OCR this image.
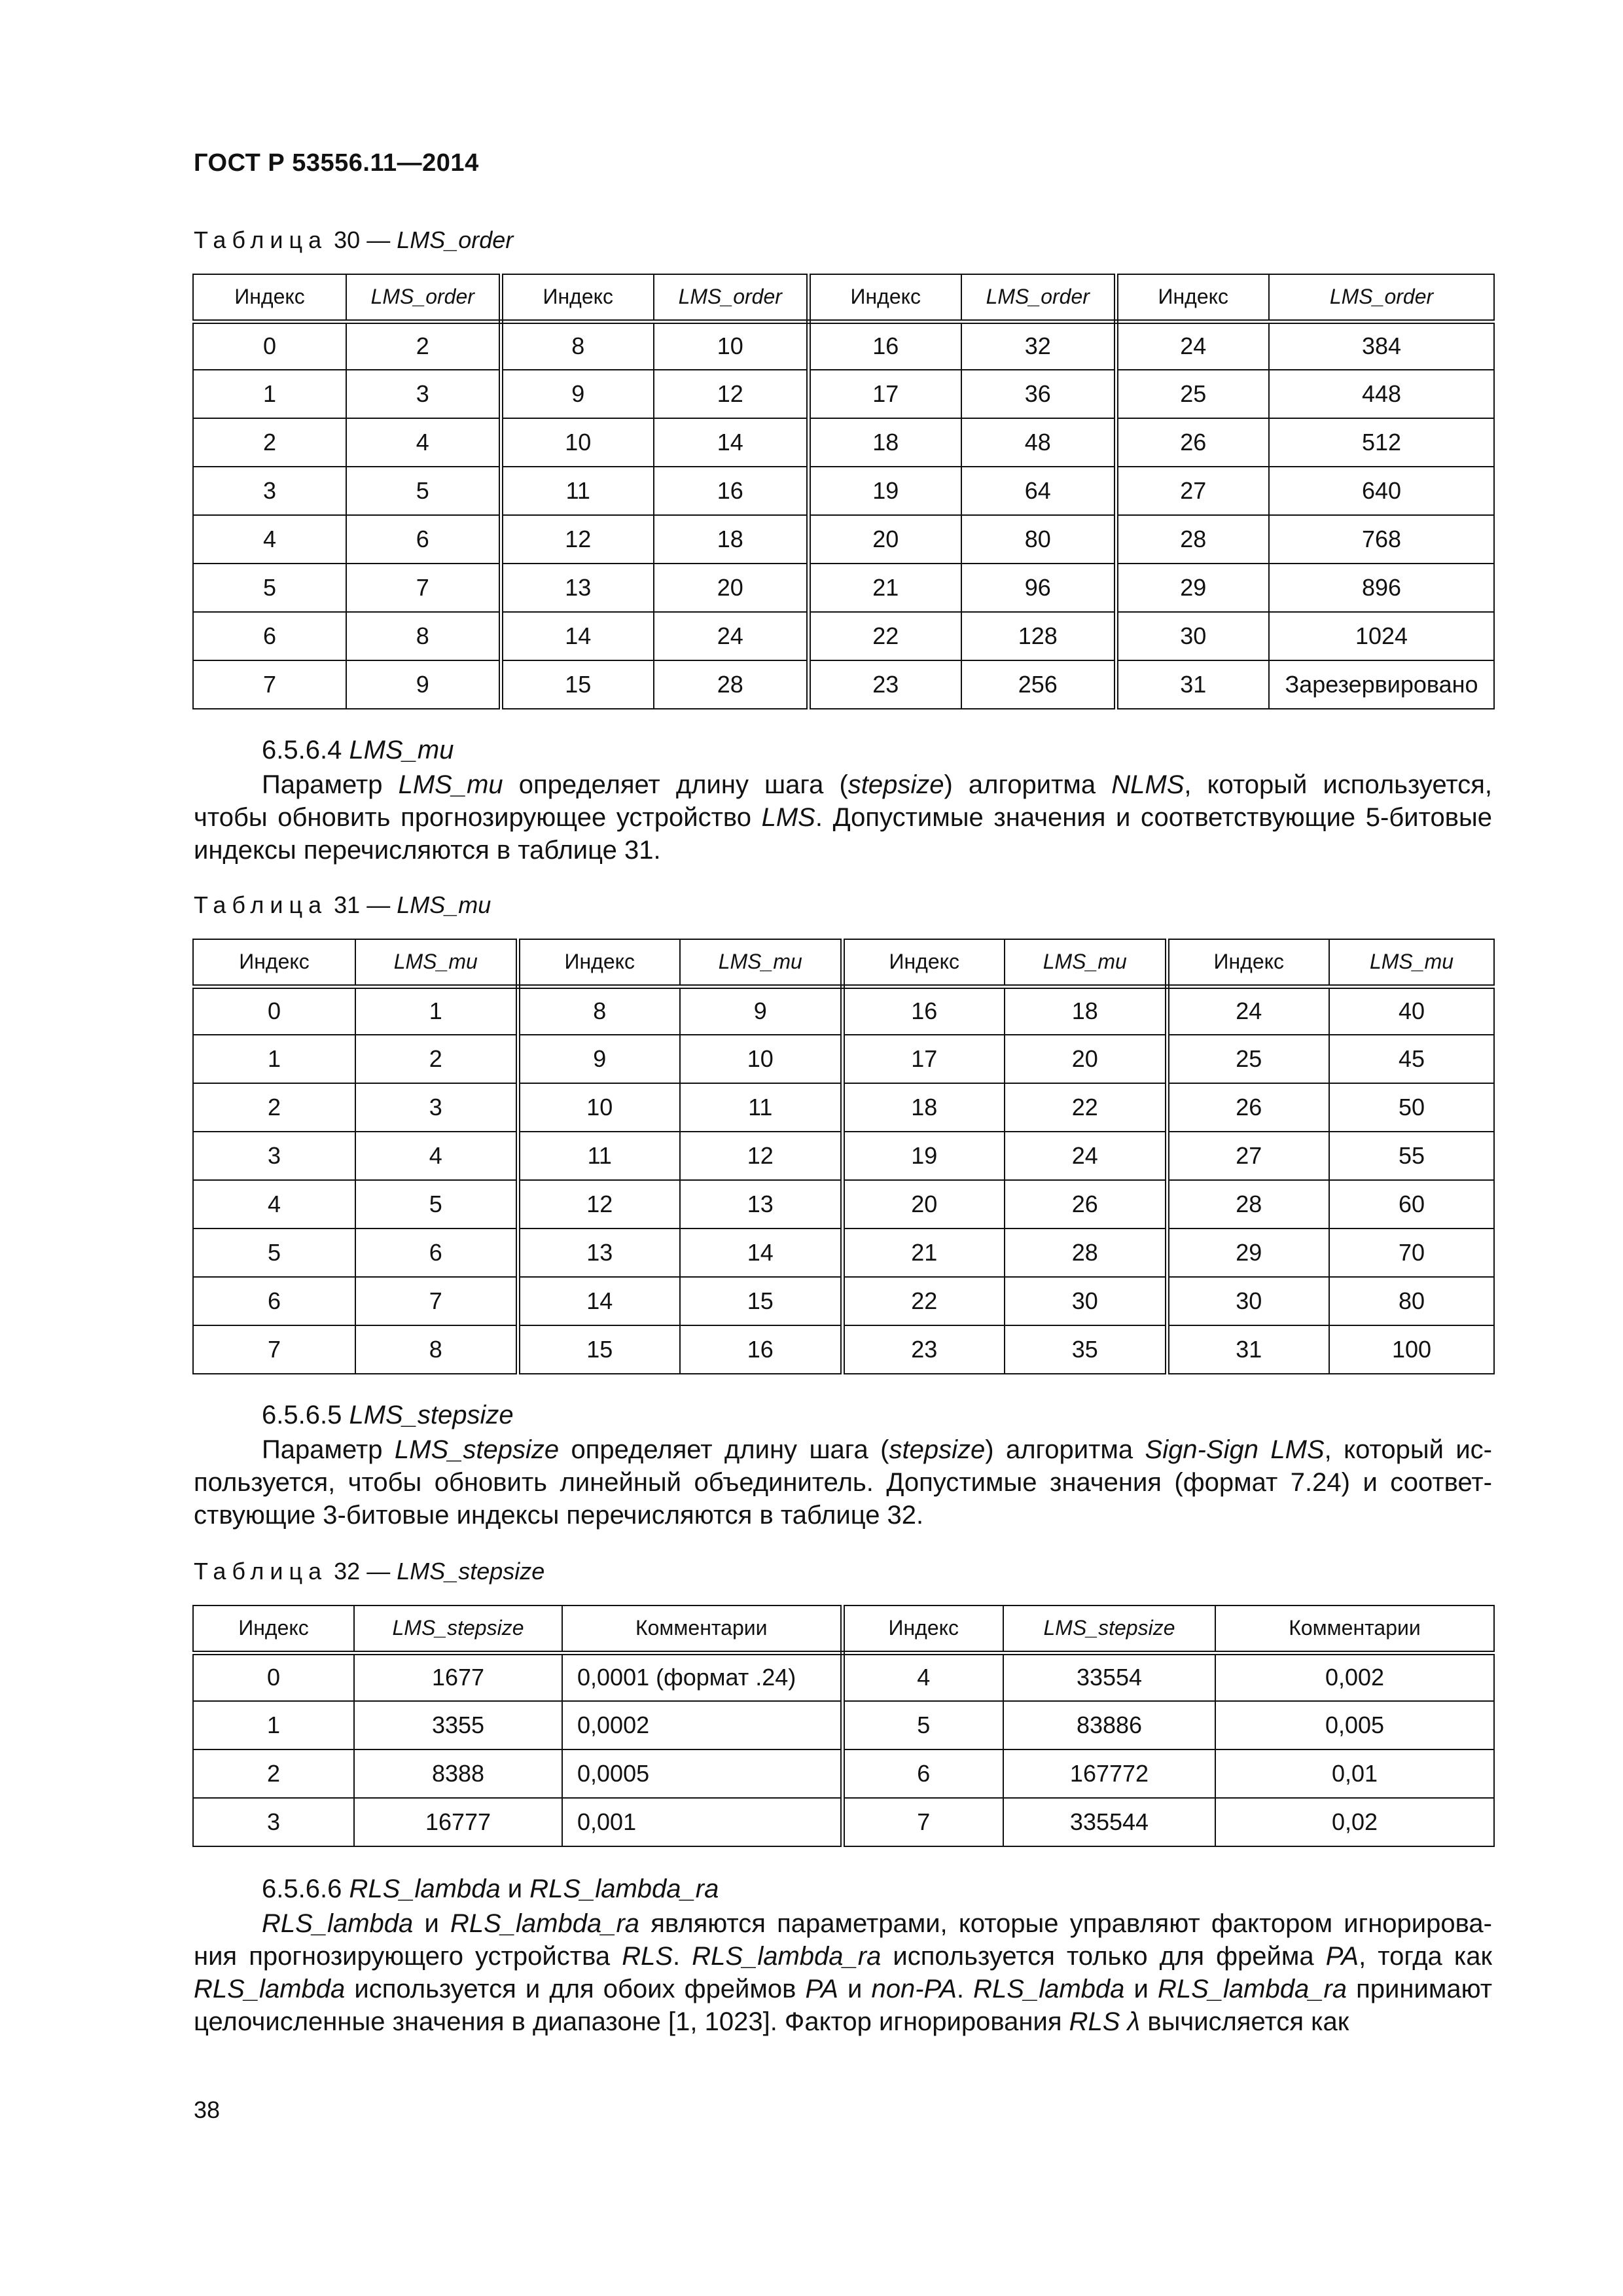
ГОСТ Р 53556.11—2014
Таблица 30 — LMS_order
Индекс	LMS_order	Индекс	LMS_order	Индекс	LMS_order	Индекс	LMS_order
0	2	8	10	16	32	24	384
1	3	9	12	17	36	25	448
2	4	10	14	18	48	26	512
3	5	11	16	19	64	27	640
4	6	12	18	20	80	28	768
5	7	13	20	21	96	29	896
6	8	14	24	22	128	30	1024
7	9	15	28	23	256	31	Зарезервировано
6.5.6.4 LMS_mu
Параметр LMS_mu определяет длину шага (stepsize) алгоритма NLMS, который используется,
чтобы обновить прогнозирующее устройство LMS. Допустимые значения и соответствующие 5-битовые
индексы перечисляются в таблице 31.
Таблица 31 — LMS_mu
Индекс	LMS_mu	Индекс	LMS_mu	Индекс	LMS_mu	Индекс	LMS_mu
0	1	8	9	16	18	24	40
1	2	9	10	17	20	25	45
2	3	10	11	18	22	26	50
3	4	11	12	19	24	27	55
4	5	12	13	20	26	28	60
5	6	13	14	21	28	29	70
6	7	14	15	22	30	30	80
7	8	15	16	23	35	31	100
6.5.6.5 LMS_stepsize
Параметр LMS_stepsize определяет длину шага (stepsize) алгоритма Sign-Sign LMS, который ис-
пользуется, чтобы обновить линейный объединитель. Допустимые значения (формат 7.24) и соответ-
ствующие 3-битовые индексы перечисляются в таблице 32.
Таблица 32 — LMS_stepsize
Индекс	LMS_stepsize	Комментарии	Индекс	LMS_stepsize	Комментарии
0	1677	0,0001 (формат .24)	4	33554	0,002
1	3355	0,0002	5	83886	0,005
2	8388	0,0005	6	167772	0,01
3	16777	0,001	7	335544	0,02
6.5.6.6 RLS_lambda и RLS_lambda_ra
RLS_lambda и RLS_lambda_ra являются параметрами, которые управляют фактором игнорирова-
ния прогнозирующего устройства RLS. RLS_lambda_ra используется только для фрейма PA, тогда как
RLS_lambda используется и для обоих фреймов PA и non-PA. RLS_lambda и RLS_lambda_ra принимают
целочисленные значения в диапазоне [1, 1023]. Фактор игнорирования RLS λ вычисляется как
38
